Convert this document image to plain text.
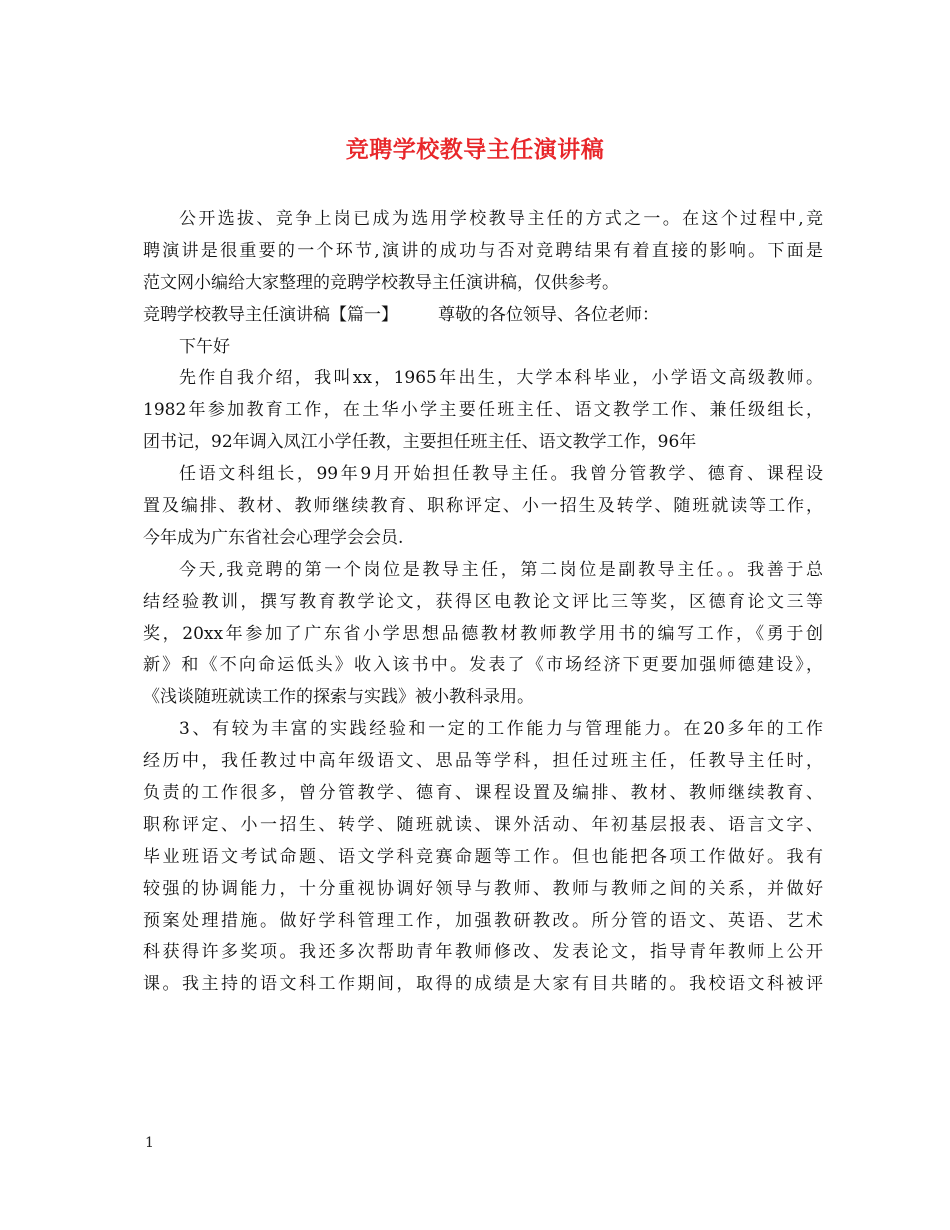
竞聘学校教导主任演讲稿
公开选拔、竞争上岗已成为选用学校教导主任的方式之一。在这个过程中,竞
聘演讲是很重要的一个环节,演讲的成功与否对竞聘结果有着直接的影响。下面是
范文网小编给大家整理的竞聘学校教导主任演讲稿，仅供参考。
竞聘学校教导主任演讲稿【篇一】 尊敬的各位领导、各位老师：
下午好
先作自我介绍，我叫xx，1965年出生，大学本科毕业，小学语文高级教师。
1982年参加教育工作，在土华小学主要任班主任、语文教学工作、兼任级组长，
团书记，92年调入凤江小学任教，主要担任班主任、语文教学工作，96年
任语文科组长，99年9月开始担任教导主任。我曾分管教学、德育、课程设
置及编排、教材、教师继续教育、职称评定、小一招生及转学、随班就读等工作，
今年成为广东省社会心理学会会员.
今天,我竞聘的第一个岗位是教导主任，第二岗位是副教导主任。。我善于总
结经验教训，撰写教育教学论文，获得区电教论文评比三等奖，区德育论文三等
奖，20xx年参加了广东省小学思想品德教材教师教学用书的编写工作，《勇于创
新》和《不向命运低头》收入该书中。发表了《市场经济下更要加强师德建设》，
《浅谈随班就读工作的探索与实践》被小教科录用。
3、有较为丰富的实践经验和一定的工作能力与管理能力。在20多年的工作
经历中，我任教过中高年级语文、思品等学科，担任过班主任，任教导主任时，
负责的工作很多，曾分管教学、德育、课程设置及编排、教材、教师继续教育、
职称评定、小一招生、转学、随班就读、课外活动、年初基层报表、语言文字、
毕业班语文考试命题、语文学科竞赛命题等工作。但也能把各项工作做好。我有
较强的协调能力，十分重视协调好领导与教师、教师与教师之间的关系，并做好
预案处理措施。做好学科管理工作，加强教研教改。所分管的语文、英语、艺术
科获得许多奖项。我还多次帮助青年教师修改、发表论文，指导青年教师上公开
课。我主持的语文科工作期间，取得的成绩是大家有目共睹的。我校语文科被评
1
